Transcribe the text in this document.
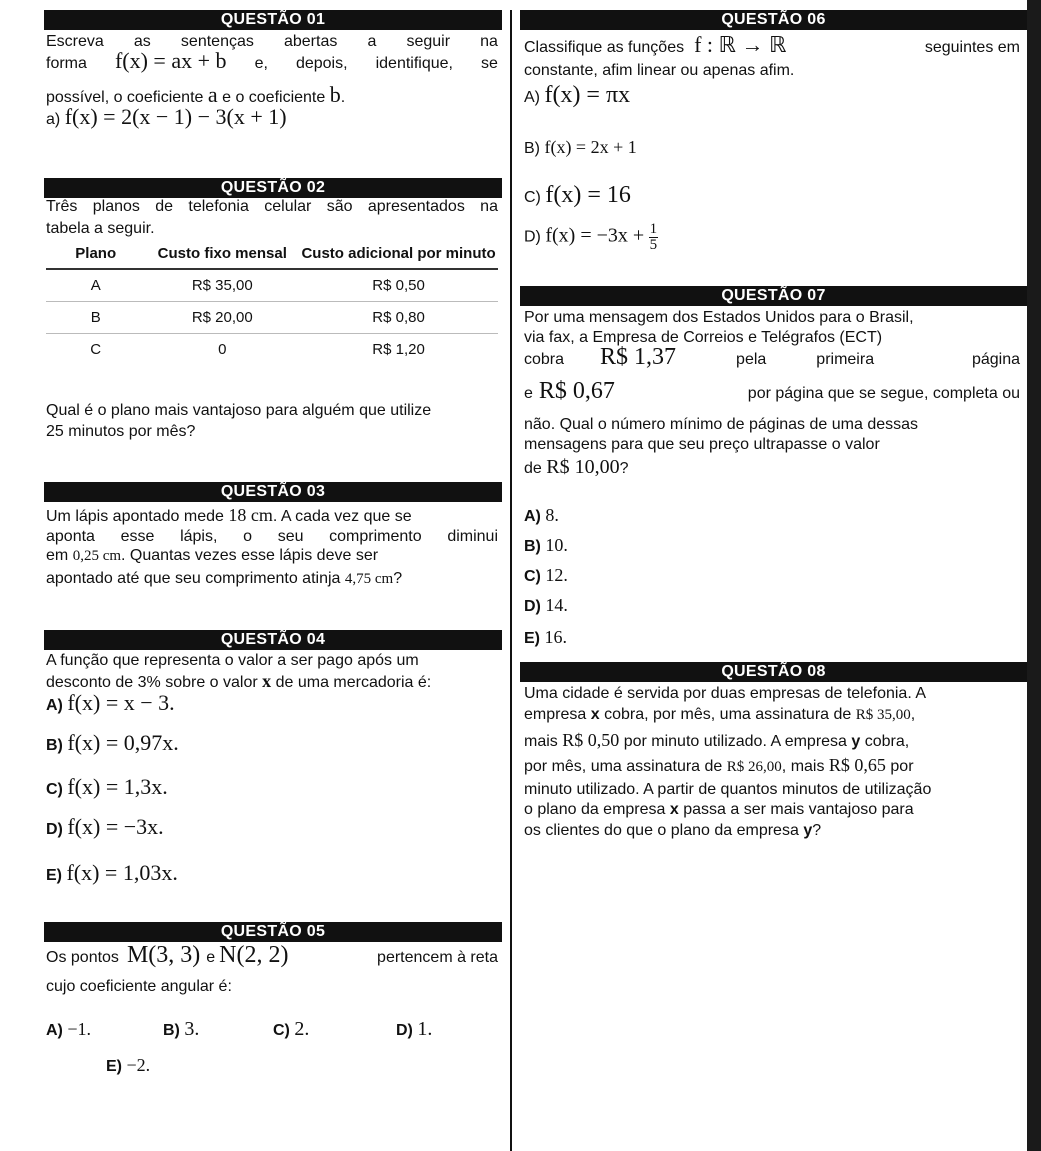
QUESTÃO 01
Escreva as sentenças abertas a seguir na
forma f(x) = ax + b e, depois, identifique, se
possível, o coeficiente a e o coeficiente b.
a) f(x) = 2(x − 1) − 3(x + 1)
QUESTÃO 02
Três planos de telefonia celular são apresentados na
tabela a seguir.
Plano	Custo fixo mensal	Custo adicional por minuto
A	R$ 35,00	R$ 0,50
B	R$ 20,00	R$ 0,80
C	0	R$ 1,20
Qual é o plano mais vantajoso para alguém que utilize
25 minutos por mês?
QUESTÃO 03
Um lápis apontado mede 18 cm. A cada vez que se
aponta esse lápis, o seu comprimento diminui
em 0,25 cm. Quantas vezes esse lápis deve ser
apontado até que seu comprimento atinja 4,75 cm?
QUESTÃO 04
A função que representa o valor a ser pago após um
desconto de 3% sobre o valor x de uma mercadoria é:
A) f(x) = x − 3.
B) f(x) = 0,97x.
C) f(x) = 1,3x.
D) f(x) = −3x.
E) f(x) = 1,03x.
QUESTÃO 05
Os pontos M(3, 3) e N(2, 2)	pertencem à reta
cujo coeficiente angular é:
A) −1.	B) 3.	C) 2.	D) 1.
E) −2.
QUESTÃO 06
Classifique as funções f : ℝ → ℝ	seguintes em
constante, afim linear ou apenas afim.
A) f(x) = πx
B) f(x) = 2x + 1
C) f(x) = 16
D) $f(x) = -3x + \frac{1}{5}$
QUESTÃO 07
Por uma mensagem dos Estados Unidos para o Brasil,
via fax, a Empresa de Correios e Telégrafos (ECT)
cobra R$ 1,37	pela	primeira	página
e R$ 0,67	por página que se segue, completa ou
não. Qual o número mínimo de páginas de uma dessas
mensagens para que seu preço ultrapasse o valor
de R$ 10,00?
A) 8.
B) 10.
C) 12.
D) 14.
E) 16.
QUESTÃO 08
Uma cidade é servida por duas empresas de telefonia. A
empresa x cobra, por mês, uma assinatura de R$ 35,00,
mais R$ 0,50 por minuto utilizado. A empresa y cobra,
por mês, uma assinatura de R$ 26,00, mais R$ 0,65 por
minuto utilizado. A partir de quantos minutos de utilização
o plano da empresa x passa a ser mais vantajoso para
os clientes do que o plano da empresa y?
